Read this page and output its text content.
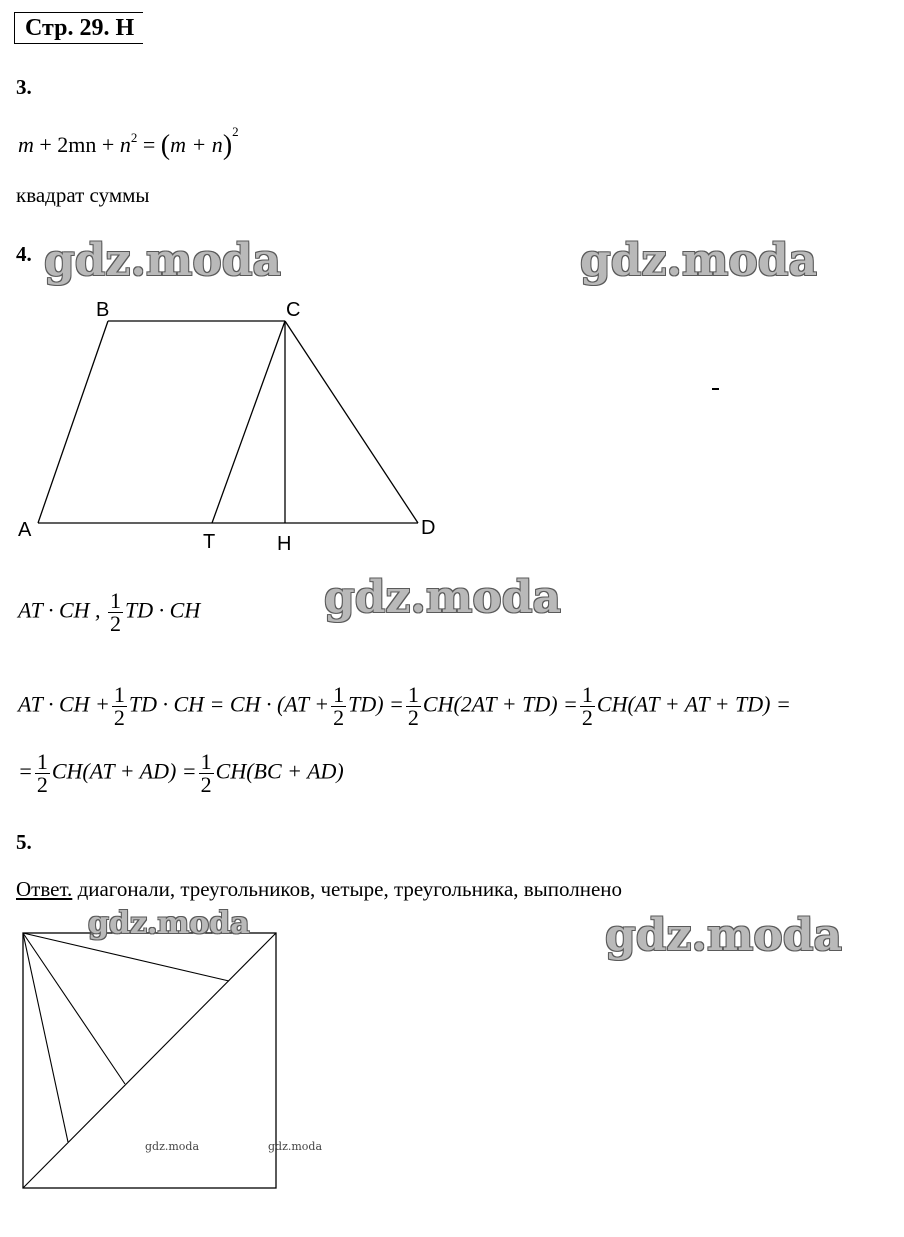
Стр. 29. Н
3.
$m + 2mn + n^2 = (m + n)^2$
квадрат суммы
4.
B	C
A	D
T	H
AT · CH , $\frac{1}{2}$ TD · CH
AT · CH + $\frac{1}{2}$ TD · CH = CH · $(AT + \frac{1}{2} TD) = \frac{1}{2} CH(2AT + TD) = \frac{1}{2} CH(AT$ + AT + TD) =
= $\frac{1}{2} CH(AT + AD) = \frac{1}{2} CH(BC + AD)$
5.
Ответ. диагонали, треугольников, четыре, треугольника, выполнено
gdz.moda	gdz.moda
gdz.moda
gdz.moda
gdz.moda
gdz.moda	gdz.moda
